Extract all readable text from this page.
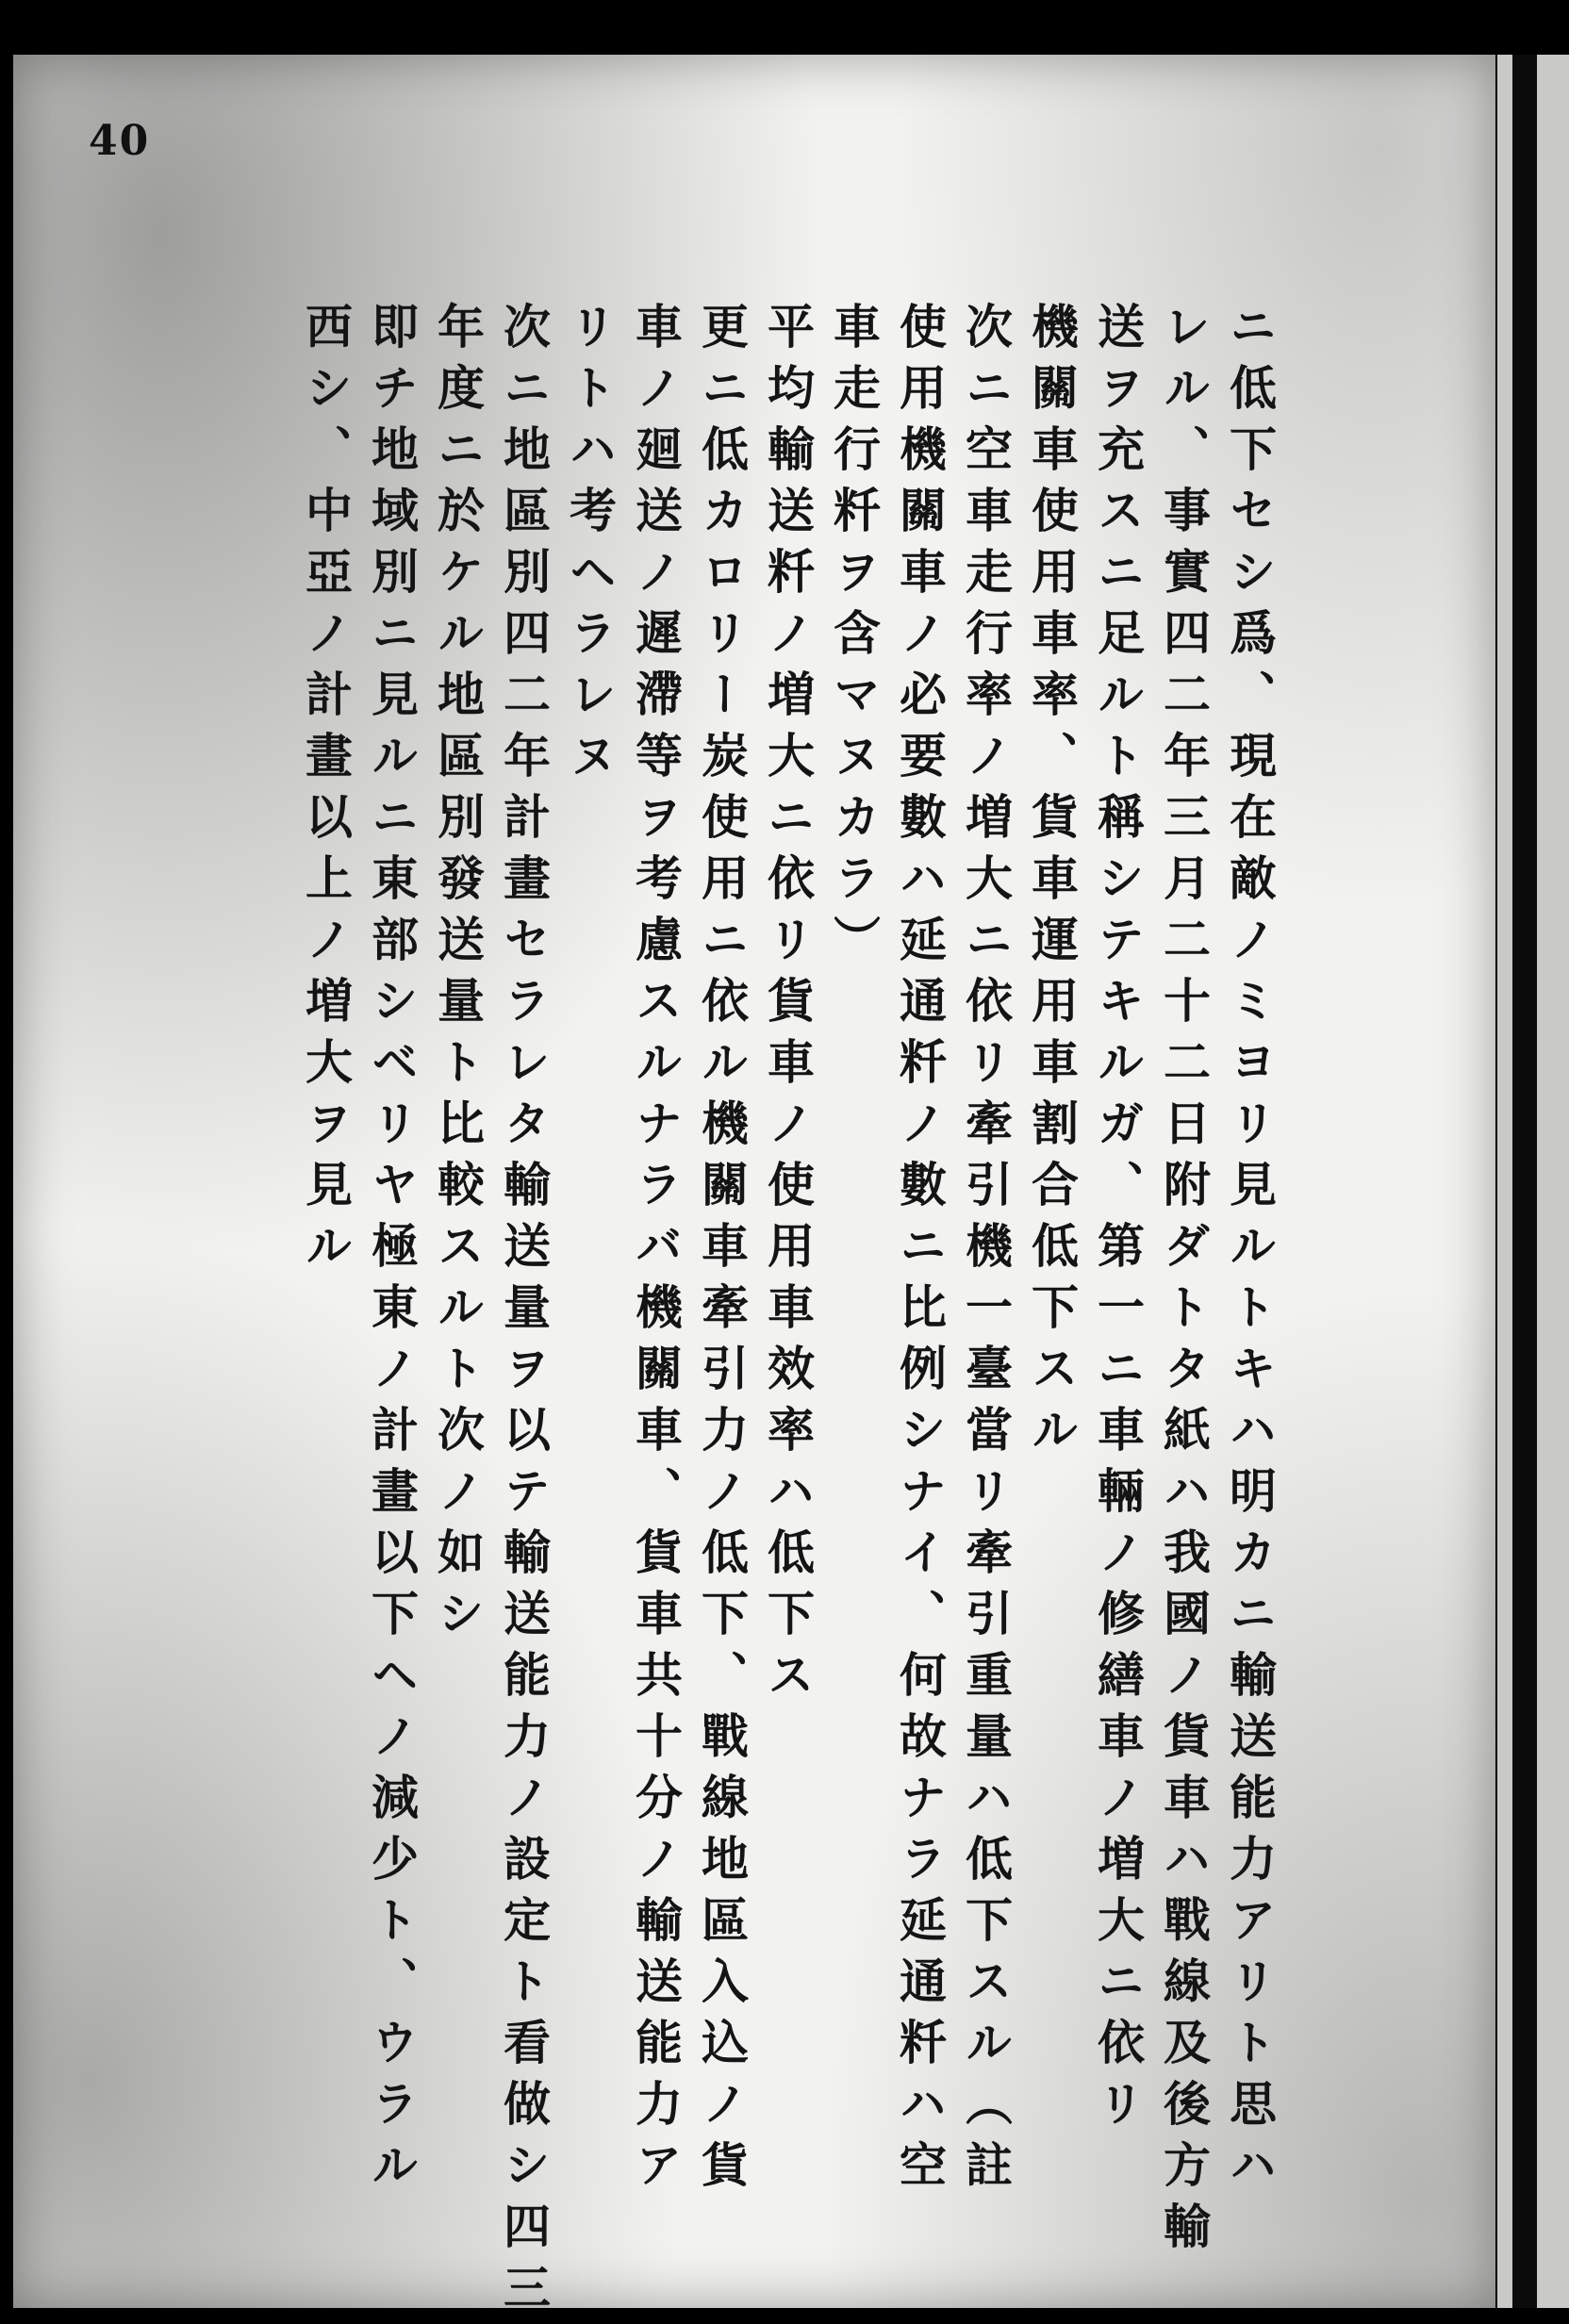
40
ニ低下セシ爲、現在敵ノミヨリ見ルトキハ明カニ輸送能力アリト思ハ
レル、事實四二年三月二十二日附ダトタ紙ハ我國ノ貨車ハ戰線及後方輸
送ヲ充スニ足ルト稱シテキルガ、第一ニ車輛ノ修繕車ノ増大ニ依リ
機關車使用車率、貨車運用車割合低下スル
次ニ空車走行率ノ増大ニ依リ牽引機一臺當リ牽引重量ハ低下スル（註
使用機關車ノ必要數ハ延通粁ノ數ニ比例シナイ、何故ナラ延通粁ハ空
車走行粁ヲ含マヌカラ）
平均輸送粁ノ増大ニ依リ貨車ノ使用車效率ハ低下ス
更ニ低カロリー炭使用ニ依ル機關車牽引力ノ低下、戰線地區入込ノ貨
車ノ廻送ノ遲滯等ヲ考慮スルナラバ機關車、貨車共十分ノ輸送能力ア
リトハ考ヘラレヌ
次ニ地區別四二年計畫セラレタ輸送量ヲ以テ輸送能力ノ設定ト看做シ四三
年度ニ於ケル地區別發送量ト比較スルト次ノ如シ
即チ地域別ニ見ルニ東部シベリヤ極東ノ計畫以下ヘノ減少ト、ウラル
西シ、中亞ノ計畫以上ノ増大ヲ見ル
